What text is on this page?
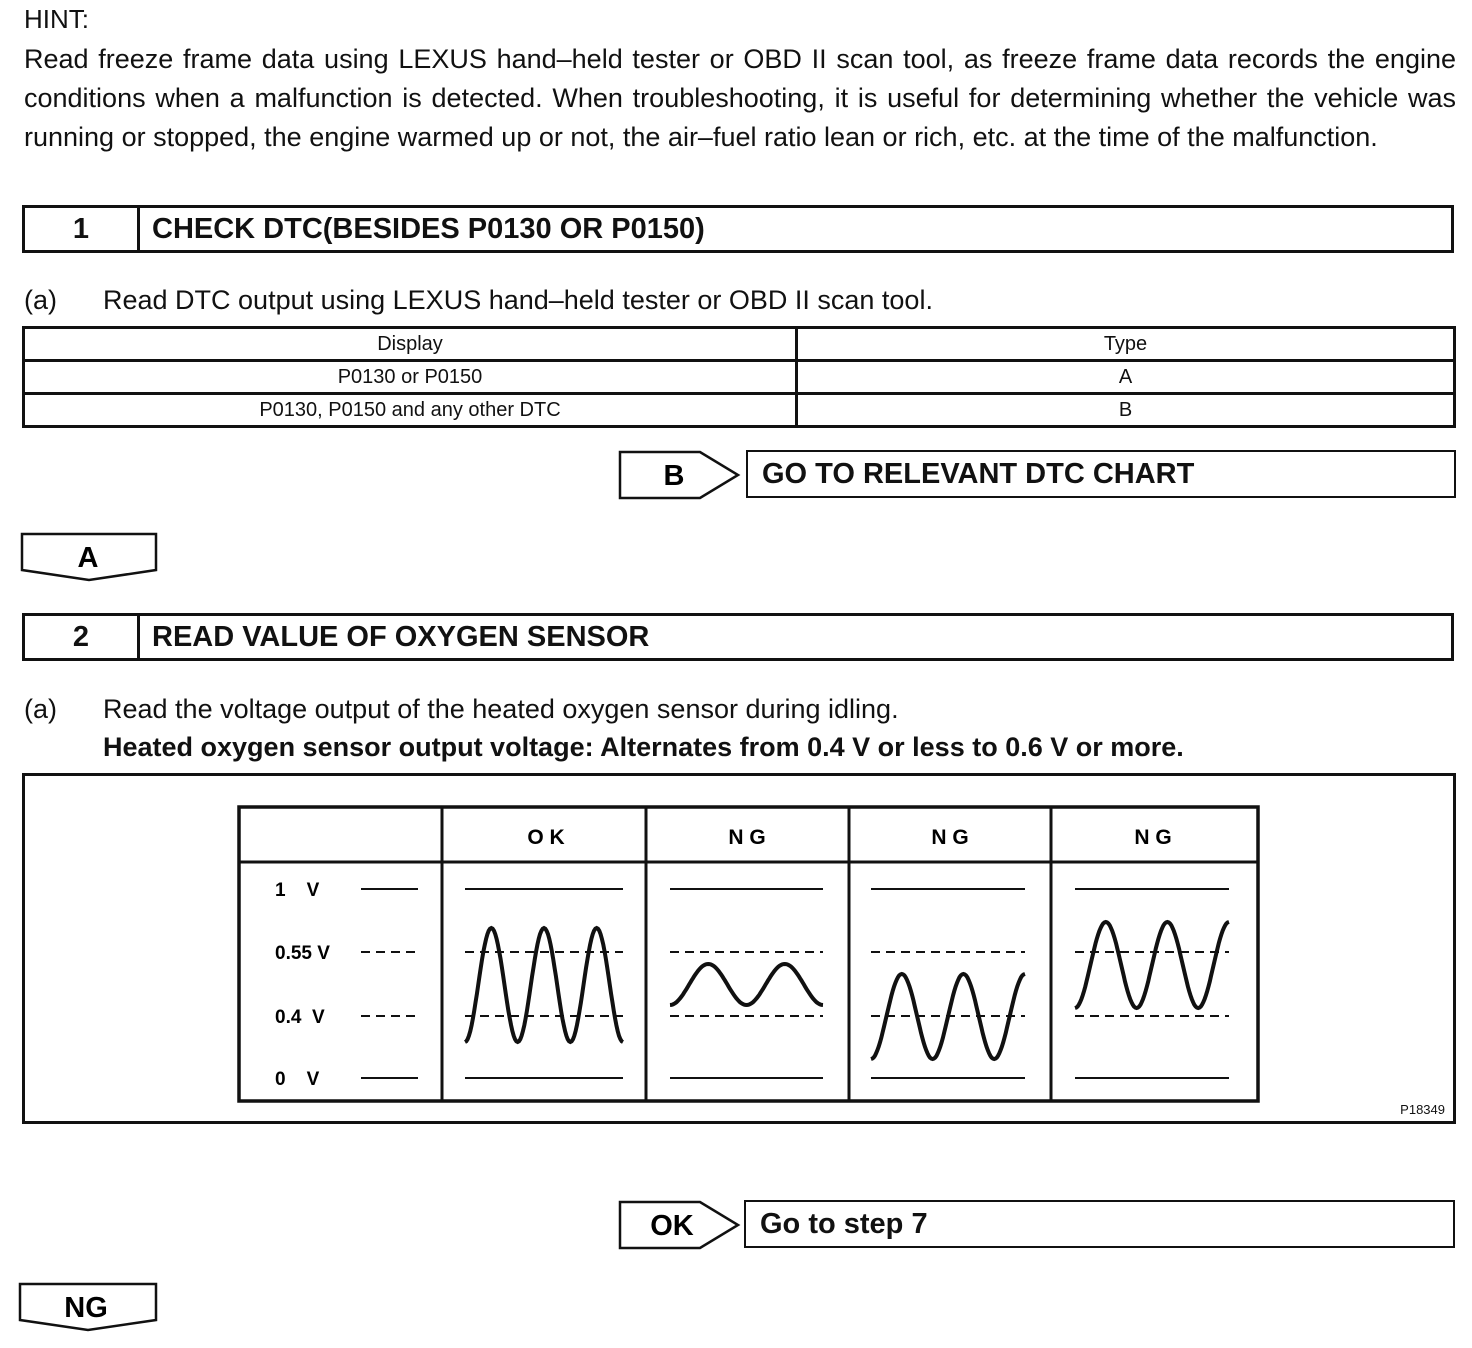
HINT:
Read freeze frame data using LEXUS hand–held tester or OBD II scan tool, as freeze frame data records the engine conditions when a malfunction is detected. When troubleshooting, it is useful for determining whether the vehicle was running or stopped, the engine warmed up or not, the air–fuel ratio lean or rich, etc. at the time of the malfunction.
1	CHECK DTC(BESIDES P0130 OR P0150)
(a) Read DTC output using LEXUS hand–held tester or OBD II scan tool.
Display	Type
P0130 or P0150	A
P0130, P0150 and any other DTC	B
B	GO TO RELEVANT DTC CHART
A
2	READ VALUE OF OXYGEN SENSOR
(a) Read the voltage output of the heated oxygen sensor during idling.
Heated oxygen sensor output voltage: Alternates from 0.4 V or less to 0.6 V or more.
O K	N G	N G	N G
1    V
0.55 V
0.4  V
0    V
P18349
OK	Go to step 7
NG
